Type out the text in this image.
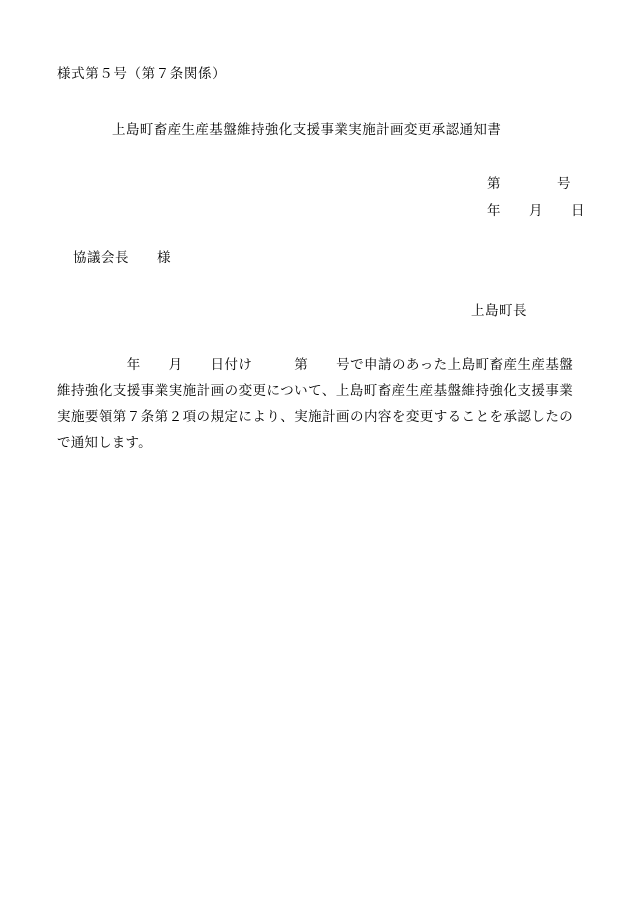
様式第５号（第７条関係）
上島町畜産生産基盤維持強化支援事業実施計画変更承認通知書
第　　　　号
年　　月　　日
協議会長　　様
上島町長

　　　　　年　　月　　日付け　　　第　　号で申請のあった上島町畜産生産基盤維持強化支援事業実施計画の変更について、上島町畜産生産基盤維持強化支援事業実施要領第７条第２項の規定により、実施計画の内容を変更することを承認したので通知します。
